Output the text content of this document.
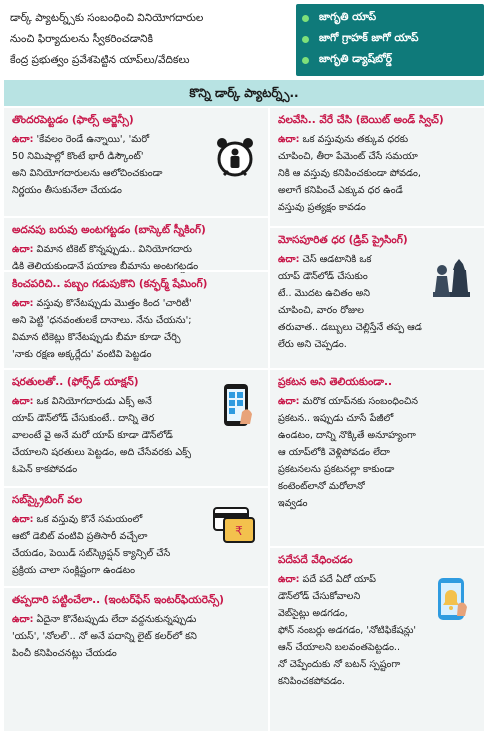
డార్క్ ప్యాటర్న్స్‌కు సంబంధించి వినియోగదారుల
నుంచి ఫిర్యాదులను స్వీకరించడానికి
కేంద్ర ప్రభుత్వం ప్రవేశపెట్టిన యాప్‌లు/వేదికలు
జాగృతి యాప్
జాగో గ్రాహక్ జాగో యాప్
జాగృతి డ్యాష్‌బోర్డ్
కొన్ని డార్క్ ప్యాటర్న్స్..
తొందరపెట్టడం (ఫాల్స్ అర్జెన్సీ)
ఉదా: 'కేవలం రెండే ఉన్నాయి', 'మరో
50 నిమిషాల్లో కొంటే భారీ డిస్కౌంట్'
అని వినియోగదారులను ఆలోచించకుండా
నిర్ణయం తీసుకునేలా చేయడం
అదనపు బరువు అంటగట్టడం (బాస్కెట్ స్నీకింగ్)
ఉదా: విమాన టికెట్ కొన్నప్పుడు.. వినియోగదారు
డికి తెలియకుండానే ప్రయాణ బీమాను అంటగట్టడం
కించపరిచి.. పబ్బం గడుపుకొని (కన్ఫర్మ్ షేమింగ్)
ఉదా: వస్తువు కొనేటప్పుడు మొత్తం కింద 'చారిటీ'
అని పెట్టి 'ధనవంతులకే దానాలు. నేను చేయను';
విమాన టికెట్లు కొనేటప్పుడు బీమా కూడా చేర్చి
'నాకు రక్షణ అక్కర్లేదు' వంటివి పెట్టడం
షరతులతో.. (ఫోర్స్‌డ్ యాక్షన్)
ఉదా: ఒక వినియోగదారుడు ఎక్స్ అనే
యాప్ డౌన్‌లోడ్ చేసుకుంటే.. దాన్ని తెర
వాలంటే వై అనే మరో యాప్ కూడా డౌన్‌లోడ్
చేయాలని షరతులు పెట్టడం, అది చేసేవరకు ఎక్స్
ఓపెన్ కాకపోవడం
సబ్‌స్క్రైబింగ్ వల
ఉదా: ఒక వస్తువు కొనే సమయంలో
ఆటో డెబిట్ వంటివి ప్రతిసారీ వచ్చేలా
చేయడం, పెయిడ్ సబ్‌స్క్రిప్షన్ క్యాన్సిల్ చేసే
ప్రక్రియ చాలా సంక్లిష్టంగా ఉండటం
₹
తప్పదారి పట్టించేలా.. (ఇంటర్‌ఫేస్ ఇంటర్‌ఫియరెన్స్)
ఉదా: ఏదైనా కొనేటప్పుడు లేదా వద్దనుకున్నప్పుడు
'యస్', 'నోలల్'.. నో అనే పదాన్ని లైట్ కలర్‌లో కని
పించీ కనిపించనట్లు చేయడం
వలవేసి.. వేరే చేసి (బెయిట్ అండ్ స్విచ్)
ఉదా: ఒక వస్తువును తక్కువ ధరకు
చూపించి, తీరా పేమెంట్ చేసే సమయా
నికి ఆ వస్తువు కనిపించకుండా పోవడం,
అలాగే కనిపించే ఎక్కువ ధర ఉండే
వస్తువు ప్రత్యక్షం కావడం
మోసపూరిత ధర (డ్రిప్ ప్రైసింగ్)
ఉదా: చెస్ ఆడటానికి ఒక
యాప్ డౌన్‌లోడ్ చేసుకుం
టే.. మొదట ఉచితం అని
చూపించి, వారం రోజుల
తరువాత.. డబ్బులు చెల్లిస్తేనే తప్ప ఆడ
లేరు అని చెప్పడం.
ప్రకటన అని తెలియకుండా..
ఉదా: మరొక యాప్‌నకు సంబంధించిన
ప్రకటన.. ఇప్పుడు చూసే పేజీలో
ఉండటం, దాన్ని నొక్కితే అనూహ్యంగా
ఆ యాప్‌లోకి వెళ్లిపోవడం లేదా
ప్రకటనలను ప్రకటనల్లా కాకుండా
కంటెంట్‌లానో మరోలానో
ఇవ్వడం
పదేపదే వేధించడం
ఉదా: పదే పదే ఏదో యాప్
డౌన్‌లోడ్ చేసుకోవాలని
వెబ్‌సైట్లు అడగడం,
ఫోన్ నంబర్లు అడగడం, 'నోటిఫికేషన్లు'
ఆన్ చేయాలని బలవంతపెట్టడం..
నో చెప్పేందుకు నో బటన్ స్పష్టంగా
కనిపించకపోవడం.
